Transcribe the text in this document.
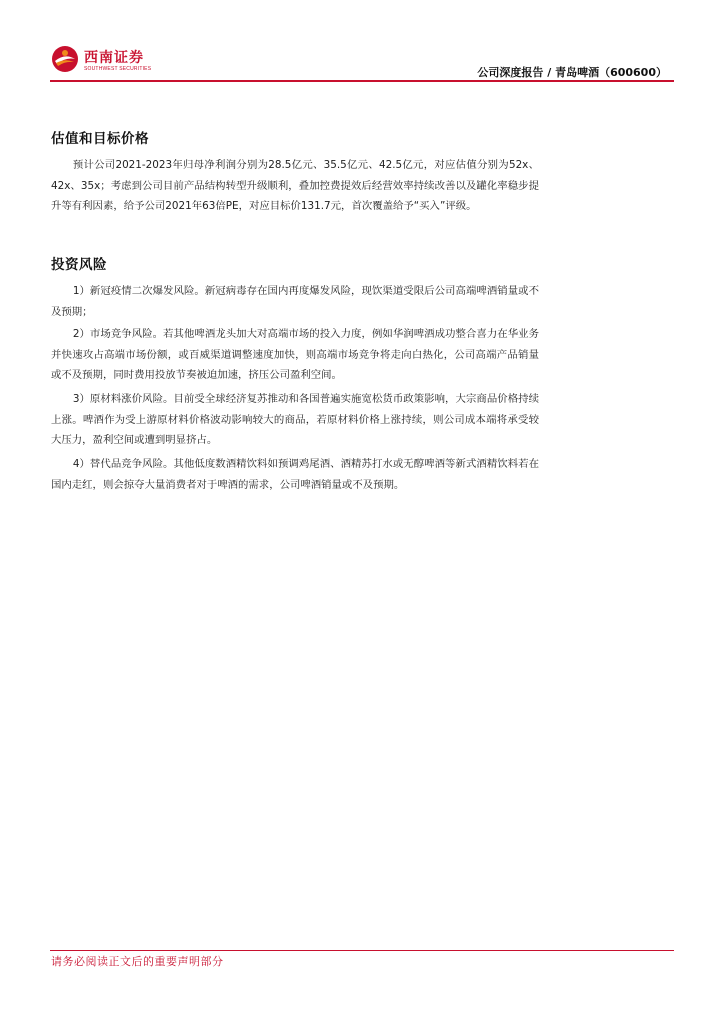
西南证券
SOUTHWEST SECURITIES	公司深度报告 / 青岛啤酒（600600）
估值和目标价格

预计公司2021-2023年归母净利润分别为28.5亿元、35.5亿元、42.5亿元，对应估值分别为52x、42x、35x；考虑到公司目前产品结构转型升级顺利，叠加控费提效后经营效率持续改善以及罐化率稳步提升等有利因素，给予公司2021年63倍PE，对应目标价131.7元，首次覆盖给予“买入”评级。

投资风险

1）新冠疫情二次爆发风险。新冠病毒存在国内再度爆发风险，现饮渠道受限后公司高端啤酒销量或不及预期；

2）市场竞争风险。若其他啤酒龙头加大对高端市场的投入力度，例如华润啤酒成功整合喜力在华业务并快速攻占高端市场份额，或百威渠道调整速度加快，则高端市场竞争将走向白热化，公司高端产品销量或不及预期，同时费用投放节奏被迫加速，挤压公司盈利空间。

3）原材料涨价风险。目前受全球经济复苏推动和各国普遍实施宽松货币政策影响，大宗商品价格持续上涨。啤酒作为受上游原材料价格波动影响较大的商品，若原材料价格上涨持续，则公司成本端将承受较大压力，盈利空间或遭到明显挤占。

4）替代品竞争风险。其他低度数酒精饮料如预调鸡尾酒、酒精苏打水或无醇啤酒等新式酒精饮料若在国内走红，则会掠夺大量消费者对于啤酒的需求，公司啤酒销量或不及预期。

请务必阅读正文后的重要声明部分
